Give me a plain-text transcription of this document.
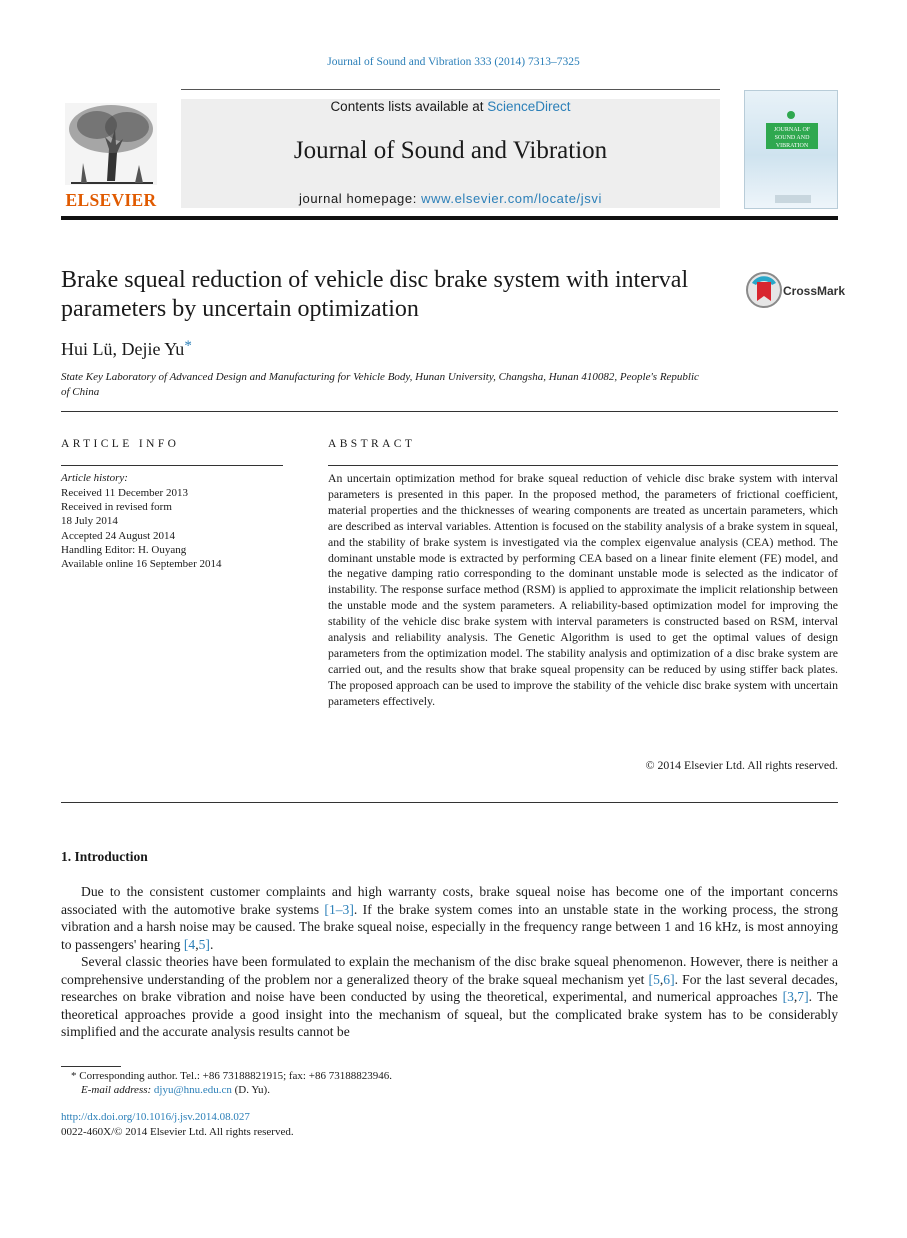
Journal of Sound and Vibration 333 (2014) 7313–7325
ELSEVIER
Contents lists available at ScienceDirect
Journal of Sound and Vibration
journal homepage: www.elsevier.com/locate/jsvi
JOURNAL OF
SOUND AND
VIBRATION
Brake squeal reduction of vehicle disc brake system with interval parameters by uncertain optimization
CrossMark
Hui Lü, Dejie Yu*
State Key Laboratory of Advanced Design and Manufacturing for Vehicle Body, Hunan University, Changsha, Hunan 410082, People's Republic of China
ARTICLE INFO
Article history:
Received 11 December 2013
Received in revised form
18 July 2014
Accepted 24 August 2014
Handling Editor: H. Ouyang
Available online 16 September 2014
ABSTRACT
An uncertain optimization method for brake squeal reduction of vehicle disc brake system with interval parameters is presented in this paper. In the proposed method, the parameters of frictional coefficient, material properties and the thicknesses of wearing components are treated as uncertain parameters, which are described as interval variables. Attention is focused on the stability analysis of a brake system in squeal, and the stability of brake system is investigated via the complex eigenvalue analysis (CEA) method. The dominant unstable mode is extracted by performing CEA based on a linear finite element (FE) model, and the negative damping ratio corresponding to the dominant unstable mode is selected as the indicator of instability. The response surface method (RSM) is applied to approximate the implicit relationship between the unstable mode and the system parameters. A reliability-based optimization model for improving the stability of the vehicle disc brake system with interval parameters is constructed based on RSM, interval analysis and reliability analysis. The Genetic Algorithm is used to get the optimal values of design parameters from the optimization model. The stability analysis and optimization of a disc brake system are carried out, and the results show that brake squeal propensity can be reduced by using stiffer back plates. The proposed approach can be used to improve the stability of the vehicle disc brake system with uncertain parameters effectively.
© 2014 Elsevier Ltd. All rights reserved.
1. Introduction
Due to the consistent customer complaints and high warranty costs, brake squeal noise has become one of the important concerns associated with the automotive brake systems [1–3]. If the brake system comes into an unstable state in the working process, the strong vibration and a harsh noise may be caused. The brake squeal noise, especially in the frequency range between 1 and 16 kHz, is most annoying to passengers' hearing [4,5].
Several classic theories have been formulated to explain the mechanism of the disc brake squeal phenomenon. However, there is neither a comprehensive understanding of the problem nor a generalized theory of the brake squeal mechanism yet [5,6]. For the last several decades, researches on brake vibration and noise have been conducted by using the theoretical, experimental, and numerical approaches [3,7]. The theoretical approaches provide a good insight into the mechanism of squeal, but the complicated brake system has to be considerably simplified and the accurate analysis results cannot be
* Corresponding author. Tel.: +86 73188821915; fax: +86 73188823946.
E-mail address: djyu@hnu.edu.cn (D. Yu).
http://dx.doi.org/10.1016/j.jsv.2014.08.027
0022-460X/© 2014 Elsevier Ltd. All rights reserved.
